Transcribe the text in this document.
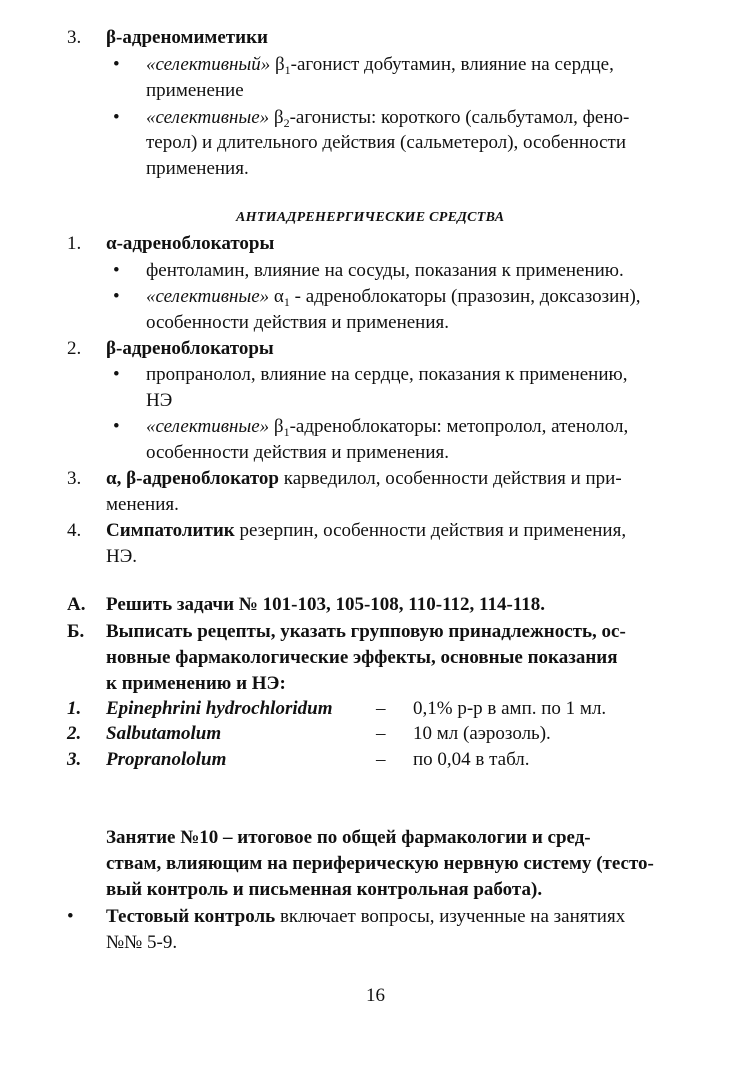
3. β-адреномиметики
• «селективный» $\beta_1$-агонист добутамин, влияние на сердце,
применение
• «селективные» $\beta_2$-агонисты: короткого (сальбутамол, фено-
терол) и длительного действия (сальметерол), особенности
применения.
АНТИАДРЕНЕРГИЧЕСКИЕ СРЕДСТВА
1. α-адреноблокаторы
• фентоламин, влияние на сосуды, показания к применению.
• «селективные» $\alpha_1$ - адреноблокаторы (празозин, доксазозин),
особенности действия и применения.
2. β-адреноблокаторы
• пропранолол, влияние на сердце, показания к применению,
НЭ
• «селективные» $\beta_1$-адреноблокаторы: метопролол, атенолол,
особенности действия и применения.
3. α, β-адреноблокатор карведилол, особенности действия и при-
менения.
4. Симпатолитик резерпин, особенности действия и применения,
НЭ.
А. Решить задачи № 101-103, 105-108, 110-112, 114-118.
Б. Выписать рецепты, указать групповую принадлежность, ос-
новные фармакологические эффекты, основные показания
к применению и НЭ:
1. Epinephrini hydrochloridum – 0,1% р-р в амп. по 1 мл.
2. Salbutamolum	– 10 мл (аэрозоль).
3. Propranololum	– по 0,04 в табл.
Занятие №10 – итоговое по общей фармакологии и сред-
ствам, влияющим на периферическую нервную систему (тесто-
вый контроль и письменная контрольная работа).
• Тестовый контроль включает вопросы, изученные на занятиях
№№ 5-9.
16
